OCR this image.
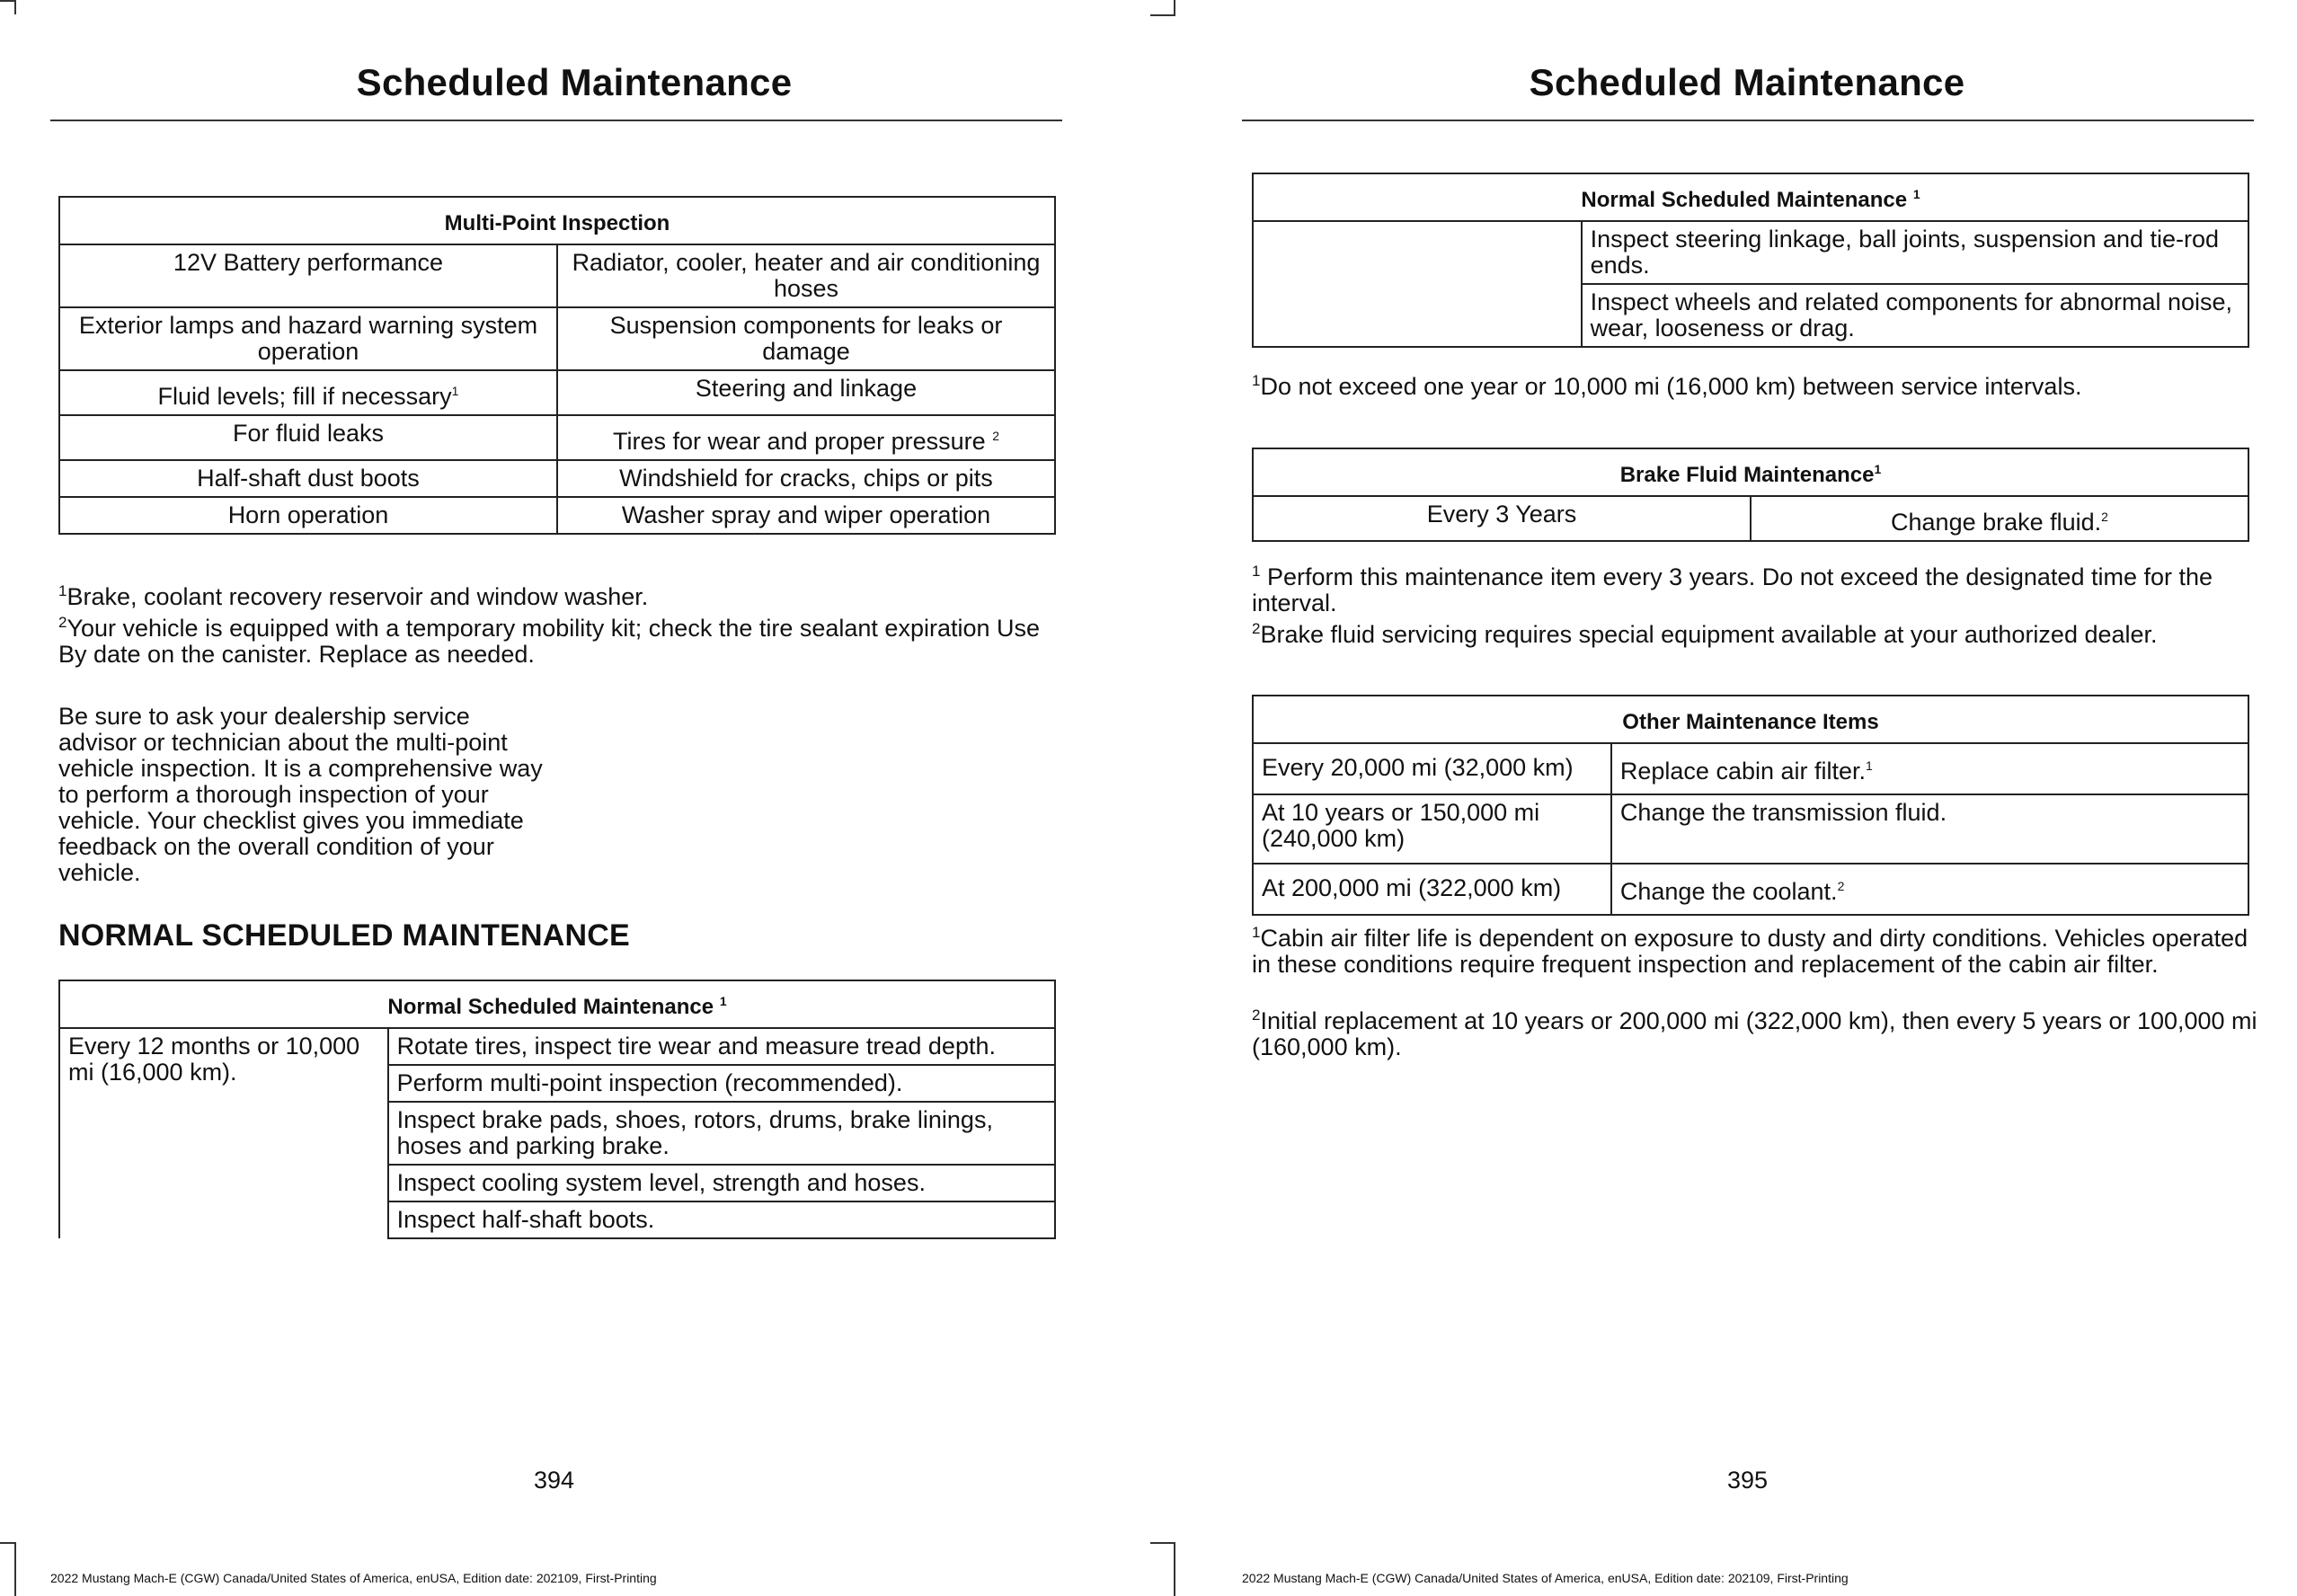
Scheduled Maintenance
Multi-Point Inspection	
12V Battery performance	Radiator, cooler, heater and air conditioning hoses
Exterior lamps and hazard warning system operation	Suspension components for leaks or damage
Fluid levels; fill if necessary$^1$	Steering and linkage
For fluid leaks	Tires for wear and proper pressure $^2$
Half-shaft dust boots	Windshield for cracks, chips or pits
Horn operation	Washer spray and wiper operation
$^1$Brake, coolant recovery reservoir and window washer.
$^2$Your vehicle is equipped with a temporary mobility kit; check the tire sealant expiration Use By date on the canister. Replace as needed.
Be sure to ask your dealership service advisor or technician about the multi-point vehicle inspection. It is a comprehensive way to perform a thorough inspection of your vehicle. Your checklist gives you immediate feedback on the overall condition of your vehicle.
NORMAL SCHEDULED MAINTENANCE
Normal Scheduled Maintenance $^1$
Every 12 months or 10,000 mi (16,000 km).	Rotate tires, inspect tire wear and measure tread depth.
Perform multi-point inspection (recommended).
Inspect brake pads, shoes, rotors, drums, brake linings, hoses and parking brake.
Inspect cooling system level, strength and hoses.
Inspect half-shaft boots.
394
2022 Mustang Mach-E (CGW) Canada/United States of America, enUSA, Edition date: 202109, First-Printing
Scheduled Maintenance
Normal Scheduled Maintenance $^1$
	Inspect steering linkage, ball joints, suspension and tie-rod ends.
Inspect wheels and related components for abnormal noise, wear, looseness or drag.
$^1$Do not exceed one year or 10,000 mi (16,000 km) between service intervals.
Brake Fluid Maintenance$^1$
Every 3 Years	Change brake fluid.$^2$
$^1$ Perform this maintenance item every 3 years. Do not exceed the designated time for the interval.
$^2$Brake fluid servicing requires special equipment available at your authorized dealer.
Other Maintenance Items	
Every 20,000 mi (32,000 km)	Replace cabin air filter.$^1$
At 10 years or 150,000 mi (240,000 km)	Change the transmission fluid.
At 200,000 mi (322,000 km)	Change the coolant.$^2$
$^1$Cabin air filter life is dependent on exposure to dusty and dirty conditions. Vehicles operated in these conditions require frequent inspection and replacement of the cabin air filter.
$^2$Initial replacement at 10 years or 200,000 mi (322,000 km), then every 5 years or 100,000 mi (160,000 km).
395
2022 Mustang Mach-E (CGW) Canada/United States of America, enUSA, Edition date: 202109, First-Printing
